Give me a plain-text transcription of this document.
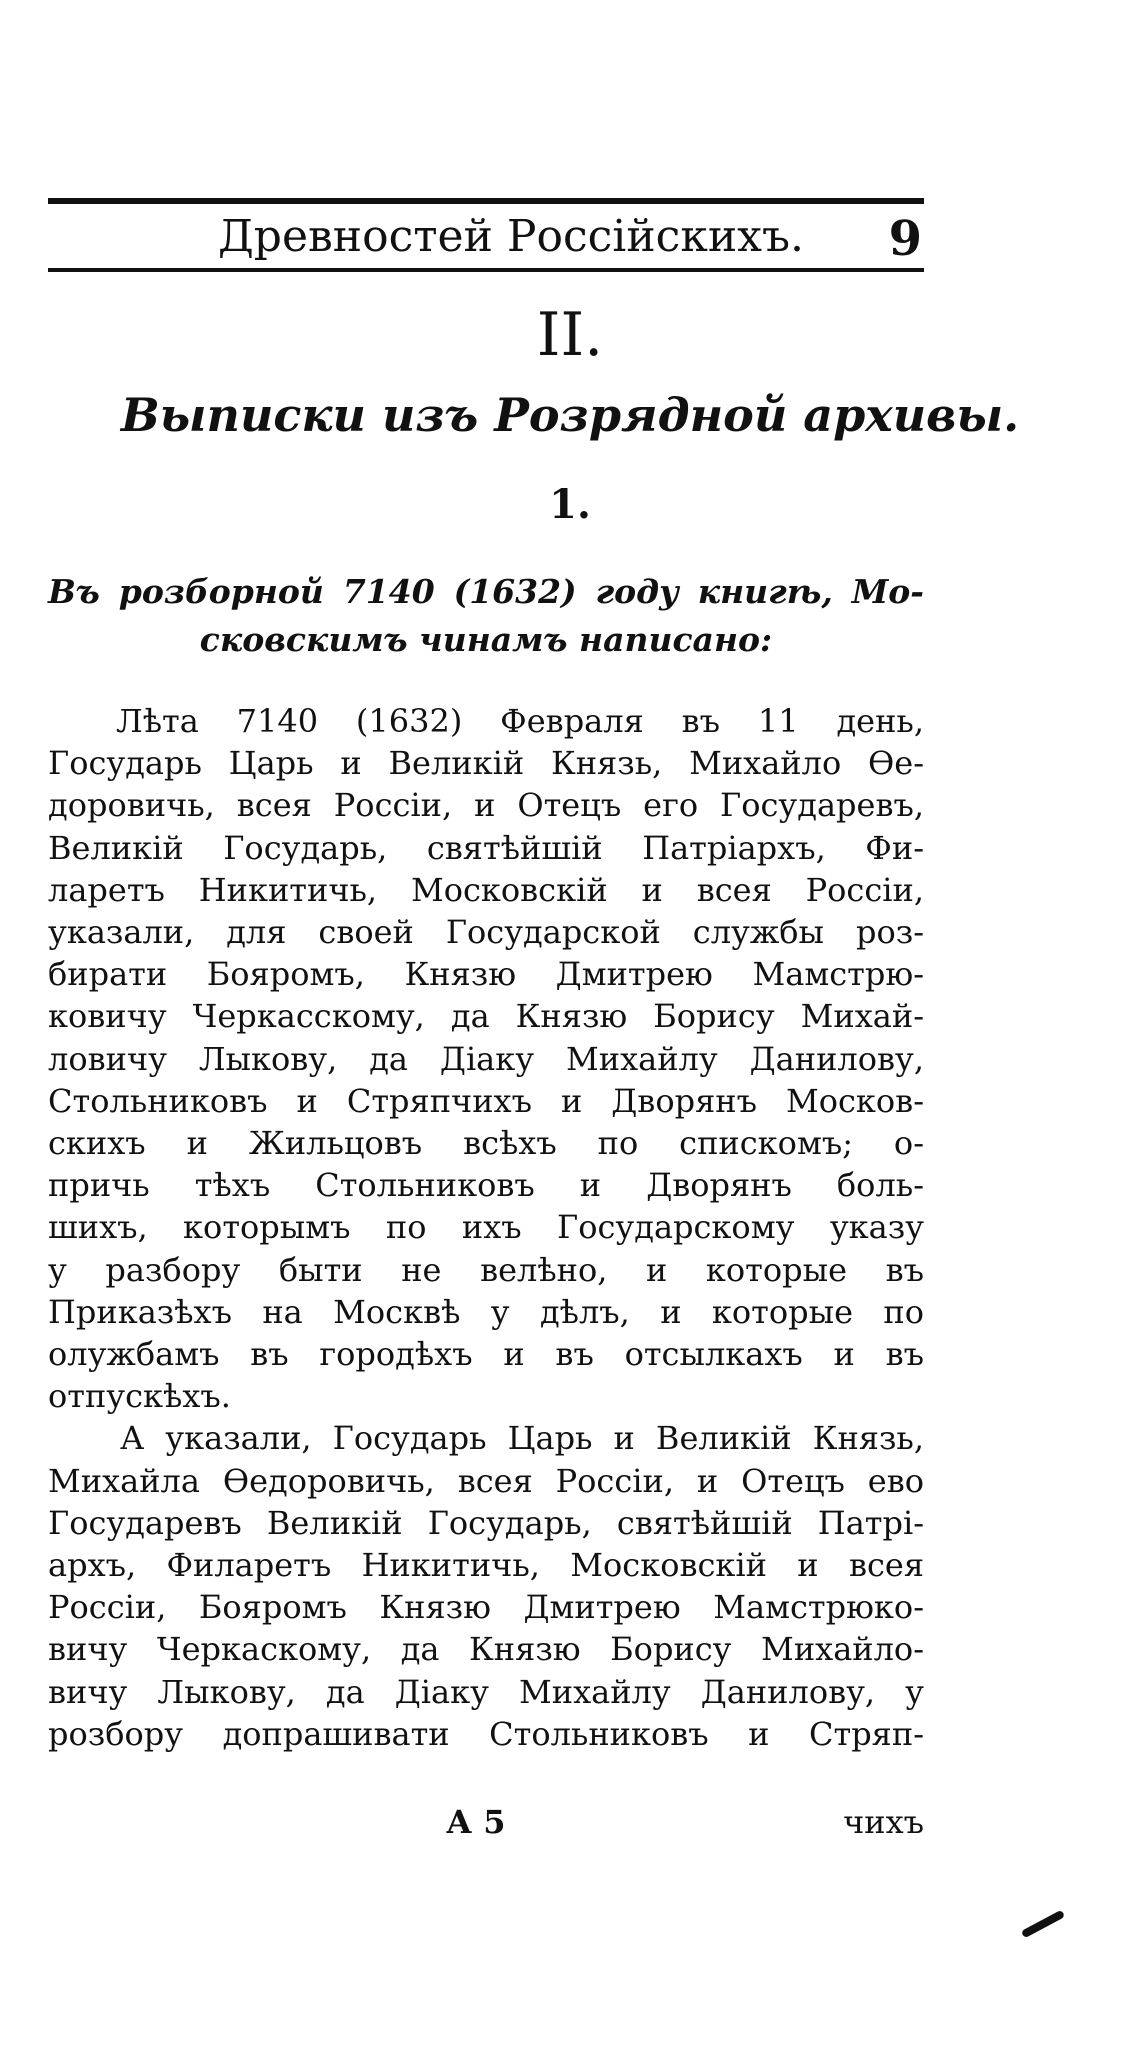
Древностей Россійскихъ. 9
II.
Выписки изъ Розрядной архивы.
1.
Въ розборной 7140 (1632) году книгѣ, Мо-
сковскимъ чинамъ написано:
Лѣта 7140 (1632) Февраля въ 11 день,
Государь Царь и Великій Князь, Михайло Ѳе-
доровичь, всея Россіи, и Отецъ его Государевъ,
Великій Государь, святѣйшій Патріархъ, Фи-
ларетъ Никитичь, Московскій и всея Россіи,
указали, для своей Государской службы роз-
бирати Бояромъ, Князю Дмитрею Мамстрю-
ковичу Черкасскому, да Князю Борису Михай-
ловичу Лыкову, да Діаку Михайлу Данилову,
Стольниковъ и Стряпчихъ и Дворянъ Москов-
скихъ и Жильцовъ всѣхъ по спискомъ; о-
причь тѣхъ Стольниковъ и Дворянъ боль-
шихъ, которымъ по ихъ Государскому указу
у разбору быти не велѣно, и которые въ
Приказѣхъ на Москвѣ у дѣлъ, и которые по
олужбамъ въ городѣхъ и въ отсылкахъ и въ
отпускѣхъ.
А указали, Государь Царь и Великій Князь,
Михайла Ѳедоровичь, всея Россіи, и Отецъ ево
Государевъ Великій Государь, святѣйшій Патрі-
архъ, Филаретъ Никитичь, Московскій и всея
Россіи, Бояромъ Князю Дмитрею Мамстрюко-
вичу Черкаскому, да Князю Борису Михайло-
вичу Лыкову, да Діаку Михайлу Данилову, у
розбору допрашивати Стольниковъ и Стряп-
А 5	чихъ
